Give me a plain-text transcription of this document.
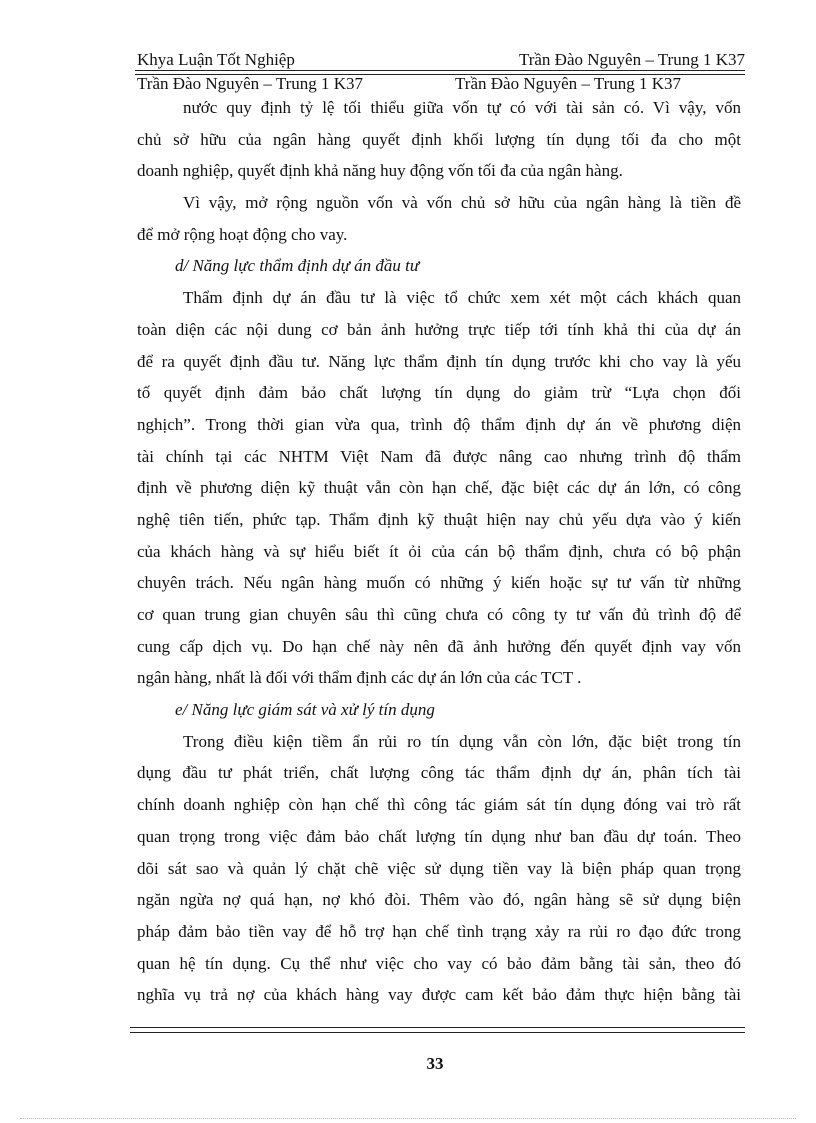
Khya Luận Tốt Nghiệp	Trần Đào Nguyên – Trung 1 K37
Trần Đào Nguyên – Trung 1 K37	Trần Đào Nguyên – Trung 1 K37
nước quy định tỷ lệ tối thiểu giữa vốn tự có với tài sản có. Vì vậy, vốn
chủ sở hữu của ngân hàng quyết định khối lượng tín dụng tối đa cho một
doanh nghiệp, quyết định khả năng huy động vốn tối đa của ngân hàng.
Vì vậy, mở rộng nguồn vốn và vốn chủ sở hữu của ngân hàng là tiền đề
để mở rộng hoạt động cho vay.
d/ Năng lực thẩm định dự án đầu tư
Thẩm định dự án đầu tư là việc tổ chức xem xét một cách khách quan
toàn diện các nội dung cơ bản ảnh hưởng trực tiếp tới tính khả thi của dự án
để ra quyết định đầu tư. Năng lực thẩm định tín dụng trước khi cho vay là yếu
tố quyết định đảm bảo chất lượng tín dụng do giảm trừ “Lựa chọn đối
nghịch”. Trong thời gian vừa qua, trình độ thẩm định dự án về phương diện
tài chính tại các NHTM Việt Nam đã được nâng cao nhưng trình độ thẩm
định về phương diện kỹ thuật vẫn còn hạn chế, đặc biệt các dự án lớn, có công
nghệ tiên tiến, phức tạp. Thẩm định kỹ thuật hiện nay chủ yếu dựa vào ý kiến
của khách hàng và sự hiểu biết ít ỏi của cán bộ thẩm định, chưa có bộ phận
chuyên trách. Nếu ngân hàng muốn có những ý kiến hoặc sự tư vấn từ những
cơ quan trung gian chuyên sâu thì cũng chưa có công ty tư vấn đủ trình độ để
cung cấp dịch vụ. Do hạn chế này nên đã ảnh hưởng đến quyết định vay vốn
ngân hàng, nhất là đối với thẩm định các dự án lớn của các TCT .
e/ Năng lực giám sát và xử lý tín dụng
Trong điều kiện tiềm ẩn rủi ro tín dụng vẫn còn lớn, đặc biệt trong tín
dụng đầu tư phát triển, chất lượng công tác thẩm định dự án, phân tích tài
chính doanh nghiệp còn hạn chế thì công tác giám sát tín dụng đóng vai trò rất
quan trọng trong việc đảm bảo chất lượng tín dụng như ban đầu dự toán. Theo
dõi sát sao và quản lý chặt chẽ việc sử dụng tiền vay là biện pháp quan trọng
ngăn ngừa nợ quá hạn, nợ khó đòi. Thêm vào đó, ngân hàng sẽ sử dụng biện
pháp đảm bảo tiền vay để hỗ trợ hạn chế tình trạng xảy ra rủi ro đạo đức trong
quan hệ tín dụng. Cụ thể như việc cho vay có bảo đảm bằng tài sản, theo đó
nghĩa vụ trả nợ của khách hàng vay được cam kết bảo đảm thực hiện bằng tài
33
